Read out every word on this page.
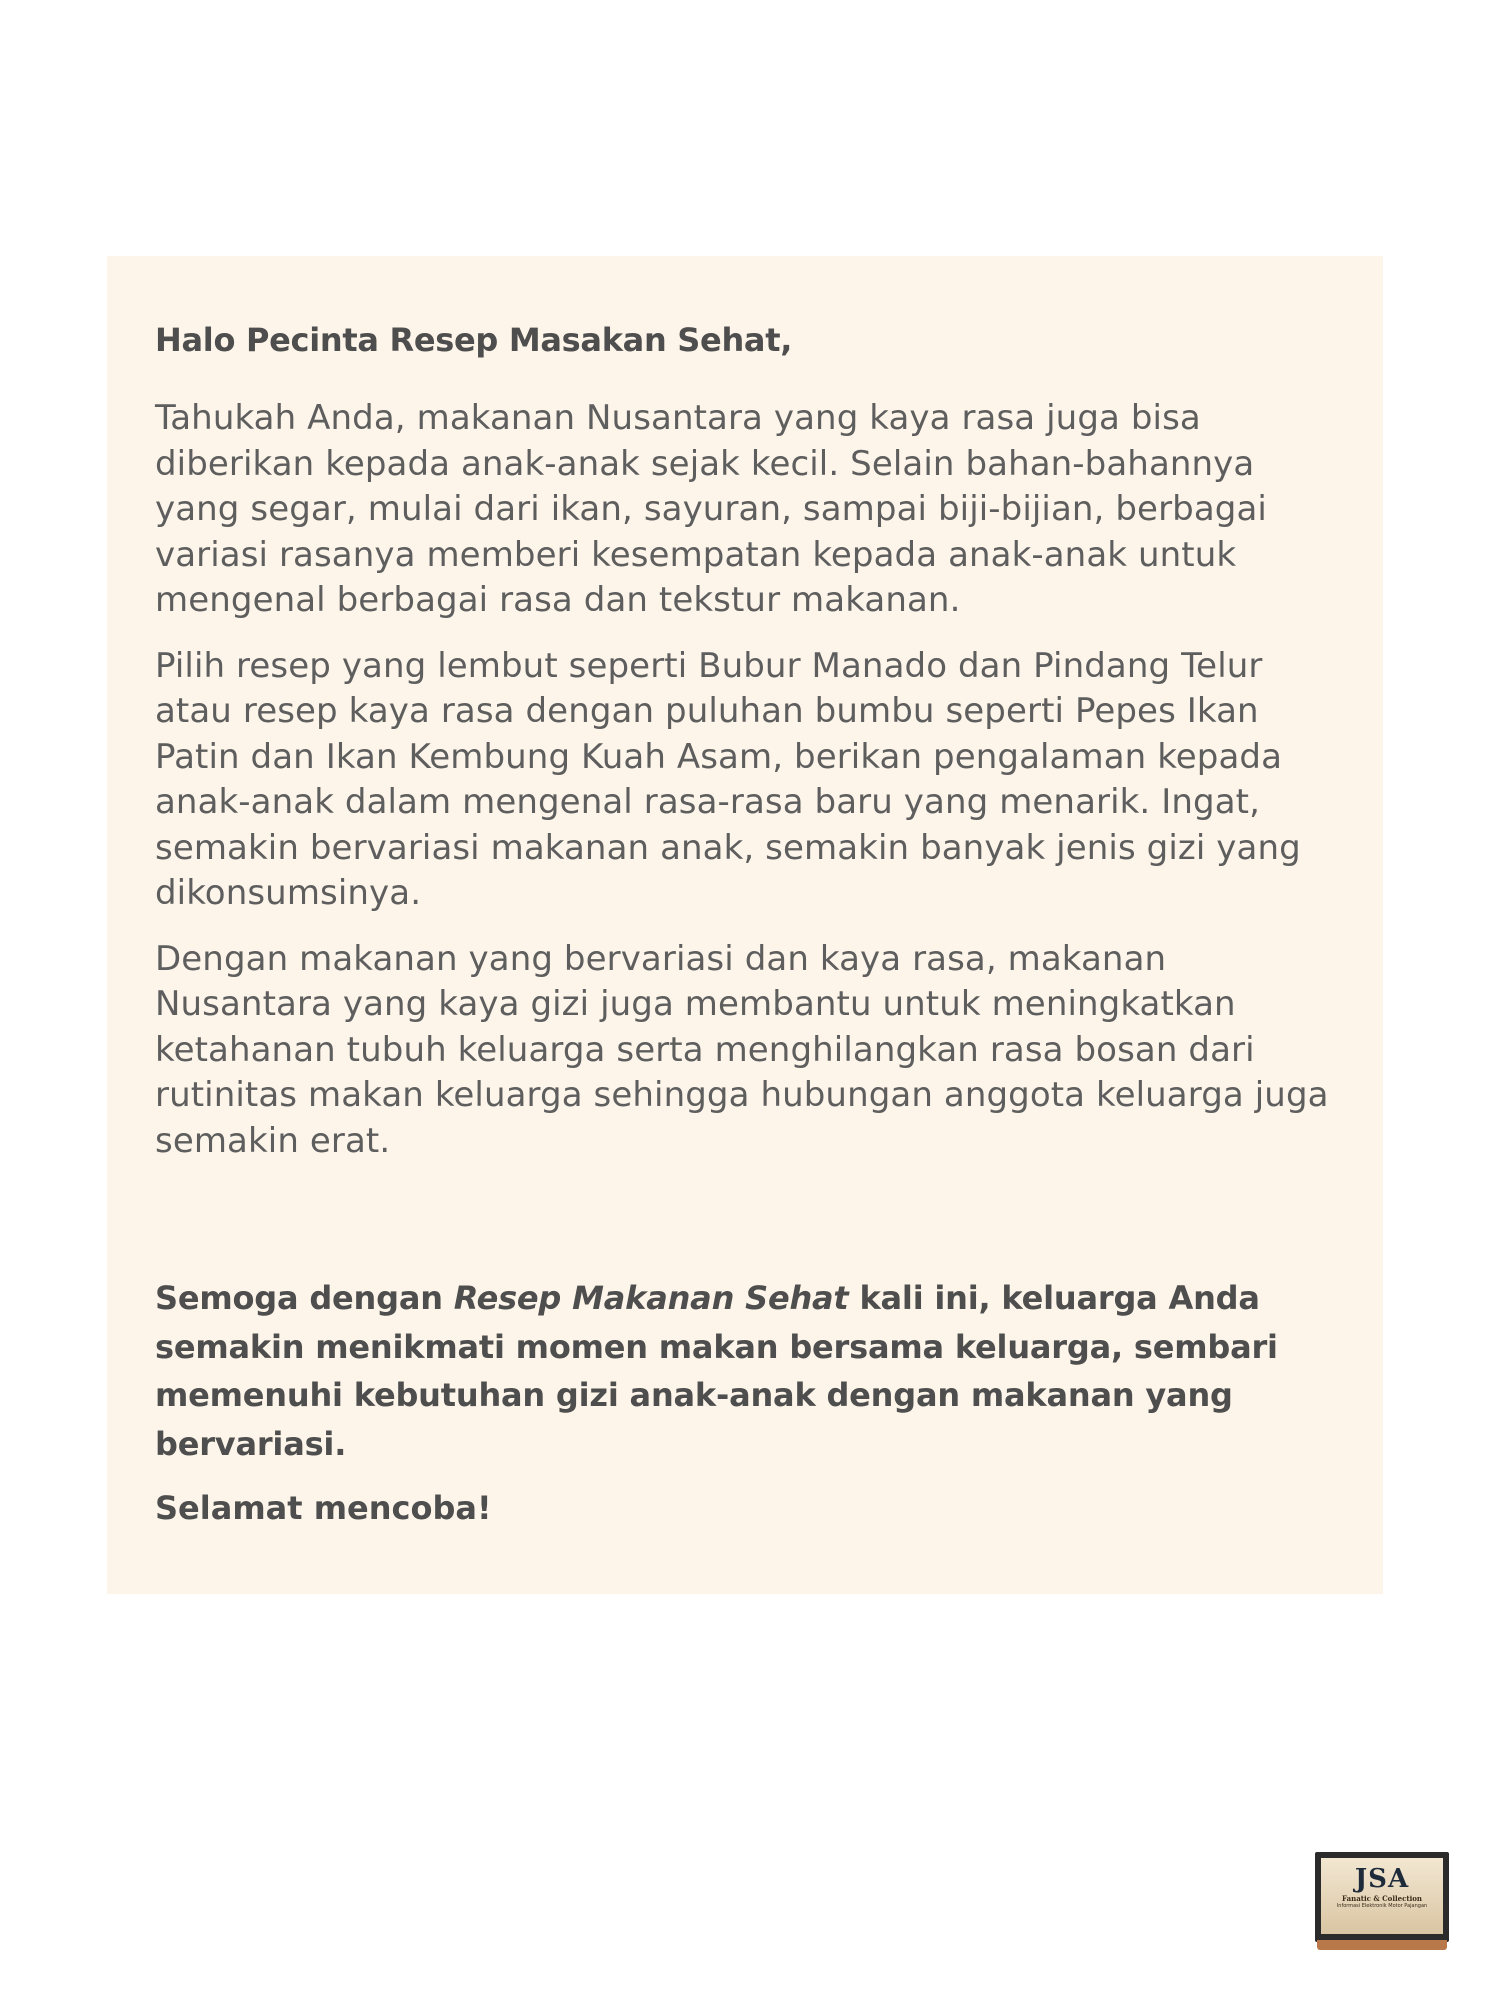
Halo Pecinta Resep Masakan Sehat,

Tahukah Anda, makanan Nusantara yang kaya rasa juga bisa diberikan kepada anak-anak sejak kecil. Selain bahan-bahannya yang segar, mulai dari ikan, sayuran, sampai biji-bijian, berbagai variasi rasanya memberi kesempatan kepada anak-anak untuk mengenal berbagai rasa dan tekstur makanan.

Pilih resep yang lembut seperti Bubur Manado dan Pindang Telur atau resep kaya rasa dengan puluhan bumbu seperti Pepes Ikan Patin dan Ikan Kembung Kuah Asam, berikan pengalaman kepada anak-anak dalam mengenal rasa-rasa baru yang menarik. Ingat, semakin bervariasi makanan anak, semakin banyak jenis gizi yang dikonsumsinya.

Dengan makanan yang bervariasi dan kaya rasa, makanan Nusantara yang kaya gizi juga membantu untuk meningkatkan ketahanan tubuh keluarga serta menghilangkan rasa bosan dari rutinitas makan keluarga sehingga hubungan anggota keluarga juga semakin erat.

Semoga dengan Resep Makanan Sehat kali ini, keluarga Anda semakin menikmati momen makan bersama keluarga, sembari memenuhi kebutuhan gizi anak-anak dengan makanan yang bervariasi.

Selamat mencoba!

JSA
Fanatic & Collection
Informasi Elektronik Motor Pajangan
